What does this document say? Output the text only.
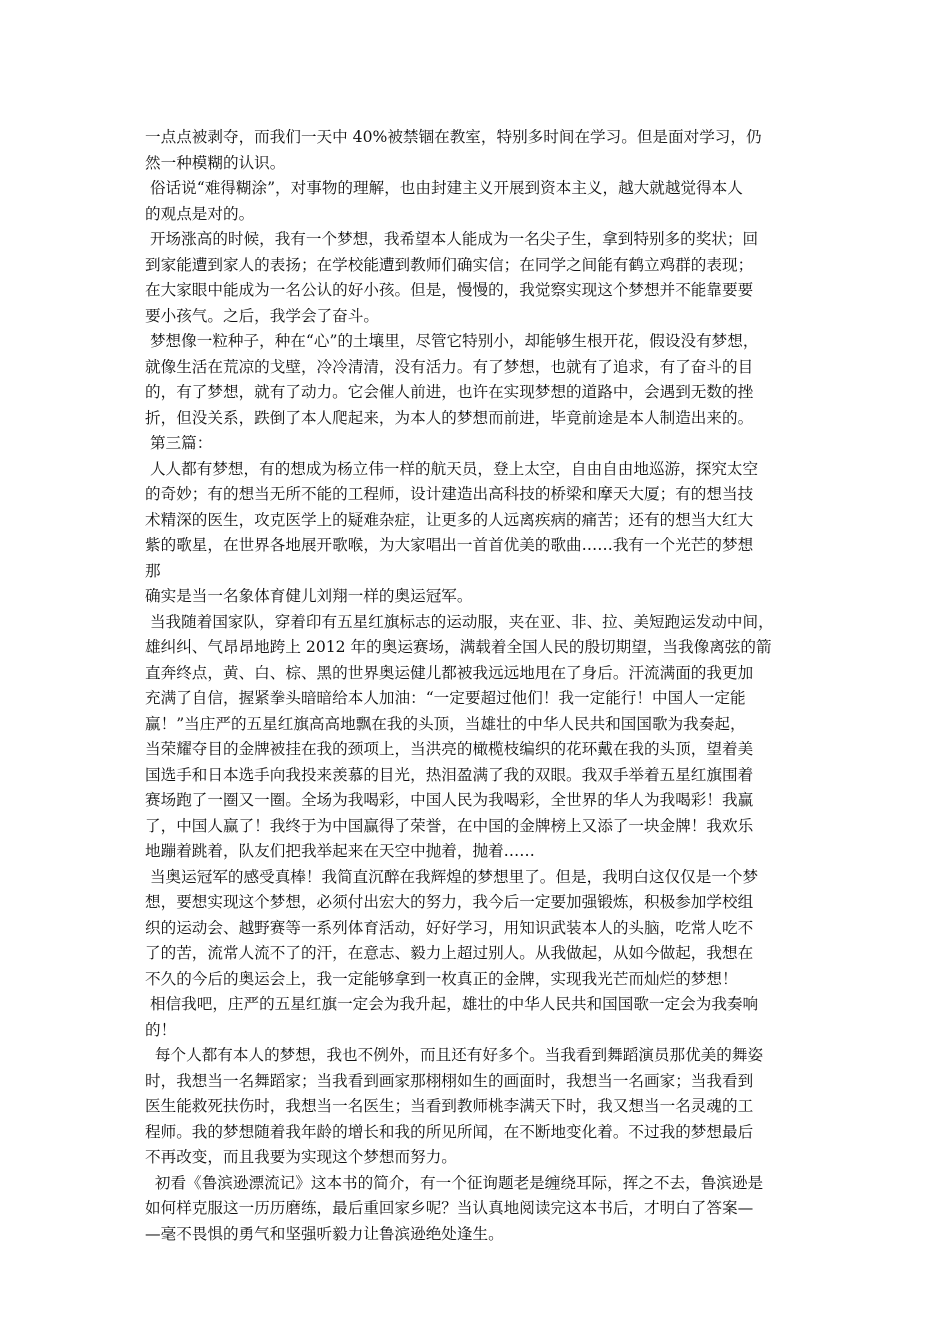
一点点被剥夺，而我们一天中 40%被禁锢在教室，特别多时间在学习。但是面对学习，仍
然一种模糊的认识。
俗话说“难得糊涂”，对事物的理解，也由封建主义开展到资本主义，越大就越觉得本人
的观点是对的。
开场涨高的时候，我有一个梦想，我希望本人能成为一名尖子生，拿到特别多的奖状；回
到家能遭到家人的表扬；在学校能遭到教师们确实信；在同学之间能有鹤立鸡群的表现；
在大家眼中能成为一名公认的好小孩。但是，慢慢的，我觉察实现这个梦想并不能靠要要
要小孩气。之后，我学会了奋斗。
梦想像一粒种子，种在“心”的土壤里，尽管它特别小，却能够生根开花，假设没有梦想，
就像生活在荒凉的戈壁，冷冷清清，没有活力。有了梦想，也就有了追求，有了奋斗的目
的，有了梦想，就有了动力。它会催人前进，也许在实现梦想的道路中，会遇到无数的挫
折，但没关系，跌倒了本人爬起来，为本人的梦想而前进，毕竟前途是本人制造出来的。
第三篇：
人人都有梦想，有的想成为杨立伟一样的航天员，登上太空，自由自由地巡游，探究太空
的奇妙；有的想当无所不能的工程师，设计建造出高科技的桥梁和摩天大厦；有的想当技
术精深的医生，攻克医学上的疑难杂症，让更多的人远离疾病的痛苦；还有的想当大红大
紫的歌星，在世界各地展开歌喉，为大家唱出一首首优美的歌曲……我有一个光芒的梦想
那
确实是当一名象体育健儿刘翔一样的奥运冠军。
当我随着国家队，穿着印有五星红旗标志的运动服，夹在亚、非、拉、美短跑运发动中间，
雄纠纠、气昂昂地跨上 2012 年的奥运赛场，满载着全国人民的殷切期望，当我像离弦的箭
直奔终点，黄、白、棕、黑的世界奥运健儿都被我远远地甩在了身后。汗流满面的我更加
充满了自信，握紧拳头暗暗给本人加油：“一定要超过他们！我一定能行！中国人一定能
赢！”当庄严的五星红旗高高地飘在我的头顶，当雄壮的中华人民共和国国歌为我奏起，
当荣耀夺目的金牌被挂在我的颈项上，当洪亮的橄榄枝编织的花环戴在我的头顶，望着美
国选手和日本选手向我投来羡慕的目光，热泪盈满了我的双眼。我双手举着五星红旗围着
赛场跑了一圈又一圈。全场为我喝彩，中国人民为我喝彩，全世界的华人为我喝彩！我赢
了，中国人赢了！我终于为中国赢得了荣誉，在中国的金牌榜上又添了一块金牌！我欢乐
地蹦着跳着，队友们把我举起来在天空中抛着，抛着……
当奥运冠军的感受真棒！我简直沉醉在我辉煌的梦想里了。但是，我明白这仅仅是一个梦
想，要想实现这个梦想，必须付出宏大的努力，我今后一定要加强锻炼，积极参加学校组
织的运动会、越野赛等一系列体育活动，好好学习，用知识武装本人的头脑，吃常人吃不
了的苦，流常人流不了的汗，在意志、毅力上超过别人。从我做起，从如今做起，我想在
不久的今后的奥运会上，我一定能够拿到一枚真正的金牌，实现我光芒而灿烂的梦想！
相信我吧，庄严的五星红旗一定会为我升起，雄壮的中华人民共和国国歌一定会为我奏响
的！
每个人都有本人的梦想，我也不例外，而且还有好多个。当我看到舞蹈演员那优美的舞姿
时，我想当一名舞蹈家；当我看到画家那栩栩如生的画面时，我想当一名画家；当我看到
医生能救死扶伤时，我想当一名医生；当看到教师桃李满天下时，我又想当一名灵魂的工
程师。我的梦想随着我年龄的增长和我的所见所闻，在不断地变化着。不过我的梦想最后
不再改变，而且我要为实现这个梦想而努力。
初看《鲁滨逊漂流记》这本书的简介，有一个征询题老是缠绕耳际，挥之不去，鲁滨逊是
如何样克服这一历历磨练，最后重回家乡呢？当认真地阅读完这本书后，才明白了答案—
—毫不畏惧的勇气和坚强听毅力让鲁滨逊绝处逢生。
